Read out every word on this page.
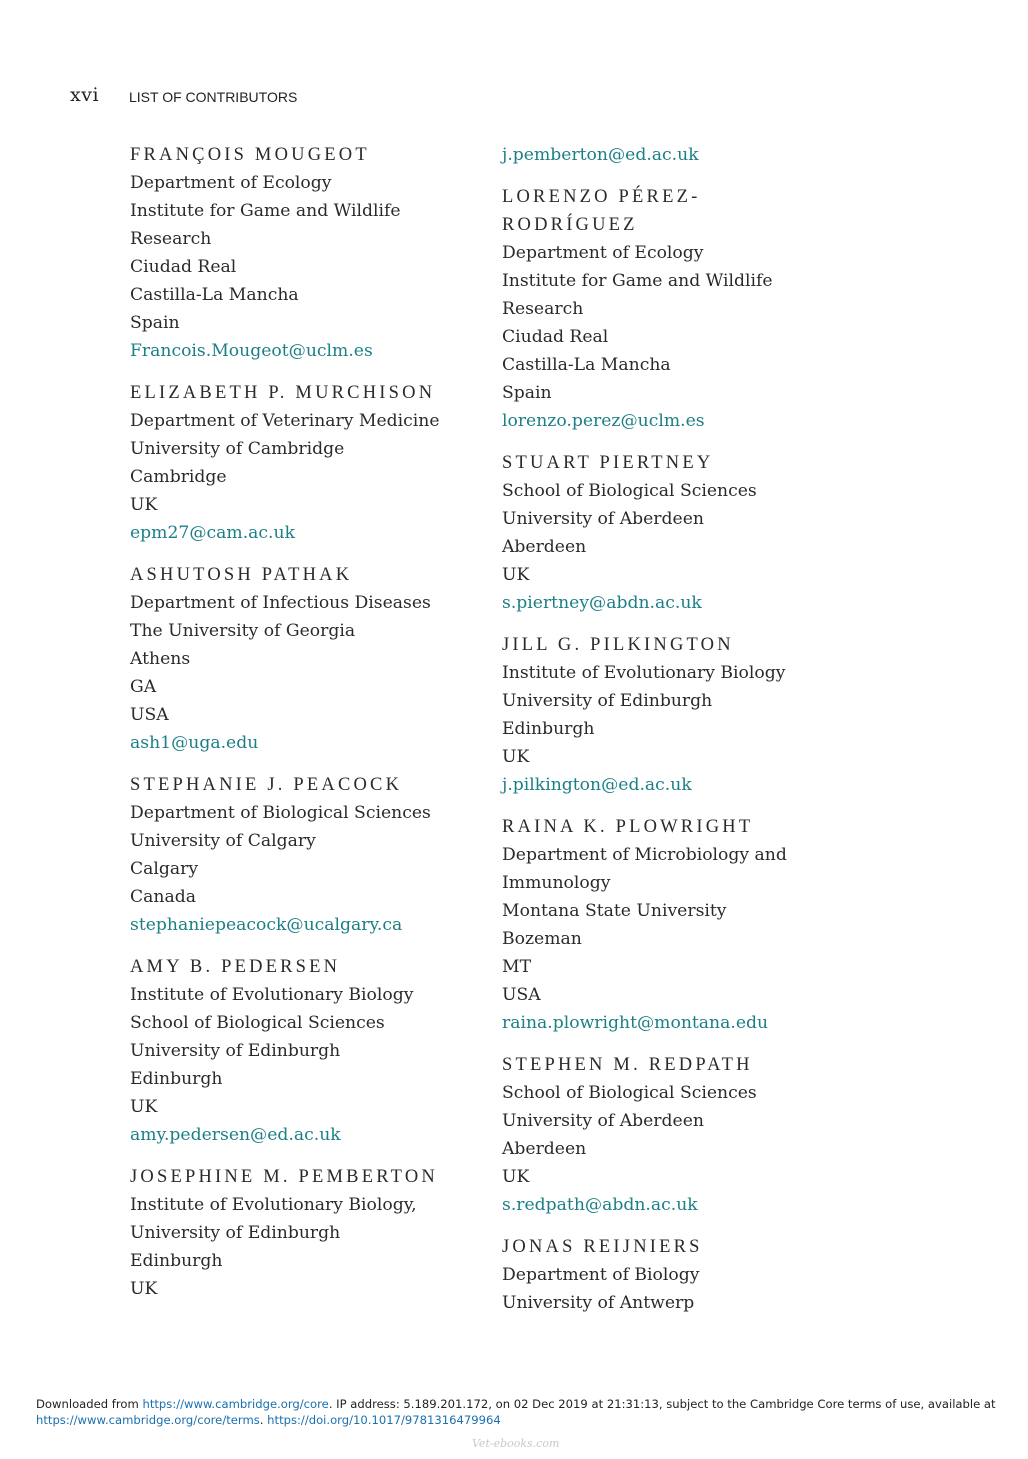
xvi LIST OF CONTRIBUTORS
FRANÇOIS MOUGEOT
Department of Ecology
Institute for Game and Wildlife
Research
Ciudad Real
Castilla-La Mancha
Spain
Francois.Mougeot@uclm.es
ELIZABETH P. MURCHISON
Department of Veterinary Medicine
University of Cambridge
Cambridge
UK
epm27@cam.ac.uk
ASHUTOSH PATHAK
Department of Infectious Diseases
The University of Georgia
Athens
GA
USA
ash1@uga.edu
STEPHANIE J. PEACOCK
Department of Biological Sciences
University of Calgary
Calgary
Canada
stephaniepeacock@ucalgary.ca
AMY B. PEDERSEN
Institute of Evolutionary Biology
School of Biological Sciences
University of Edinburgh
Edinburgh
UK
amy.pedersen@ed.ac.uk
JOSEPHINE M. PEMBERTON
Institute of Evolutionary Biology,
University of Edinburgh
Edinburgh
UK
j.pemberton@ed.ac.uk
LORENZO PÉREZ-
RODRÍGUEZ
Department of Ecology
Institute for Game and Wildlife
Research
Ciudad Real
Castilla-La Mancha
Spain
lorenzo.perez@uclm.es
STUART PIERTNEY
School of Biological Sciences
University of Aberdeen
Aberdeen
UK
s.piertney@abdn.ac.uk
JILL G. PILKINGTON
Institute of Evolutionary Biology
University of Edinburgh
Edinburgh
UK
j.pilkington@ed.ac.uk
RAINA K. PLOWRIGHT
Department of Microbiology and
Immunology
Montana State University
Bozeman
MT
USA
raina.plowright@montana.edu
STEPHEN M. REDPATH
School of Biological Sciences
University of Aberdeen
Aberdeen
UK
s.redpath@abdn.ac.uk
JONAS REIJNIERS
Department of Biology
University of Antwerp
Downloaded from https://www.cambridge.org/core. IP address: 5.189.201.172, on 02 Dec 2019 at 21:31:13, subject to the Cambridge Core terms of use, available at https://www.cambridge.org/core/terms. https://doi.org/10.1017/9781316479964
Vet-ebooks.com
